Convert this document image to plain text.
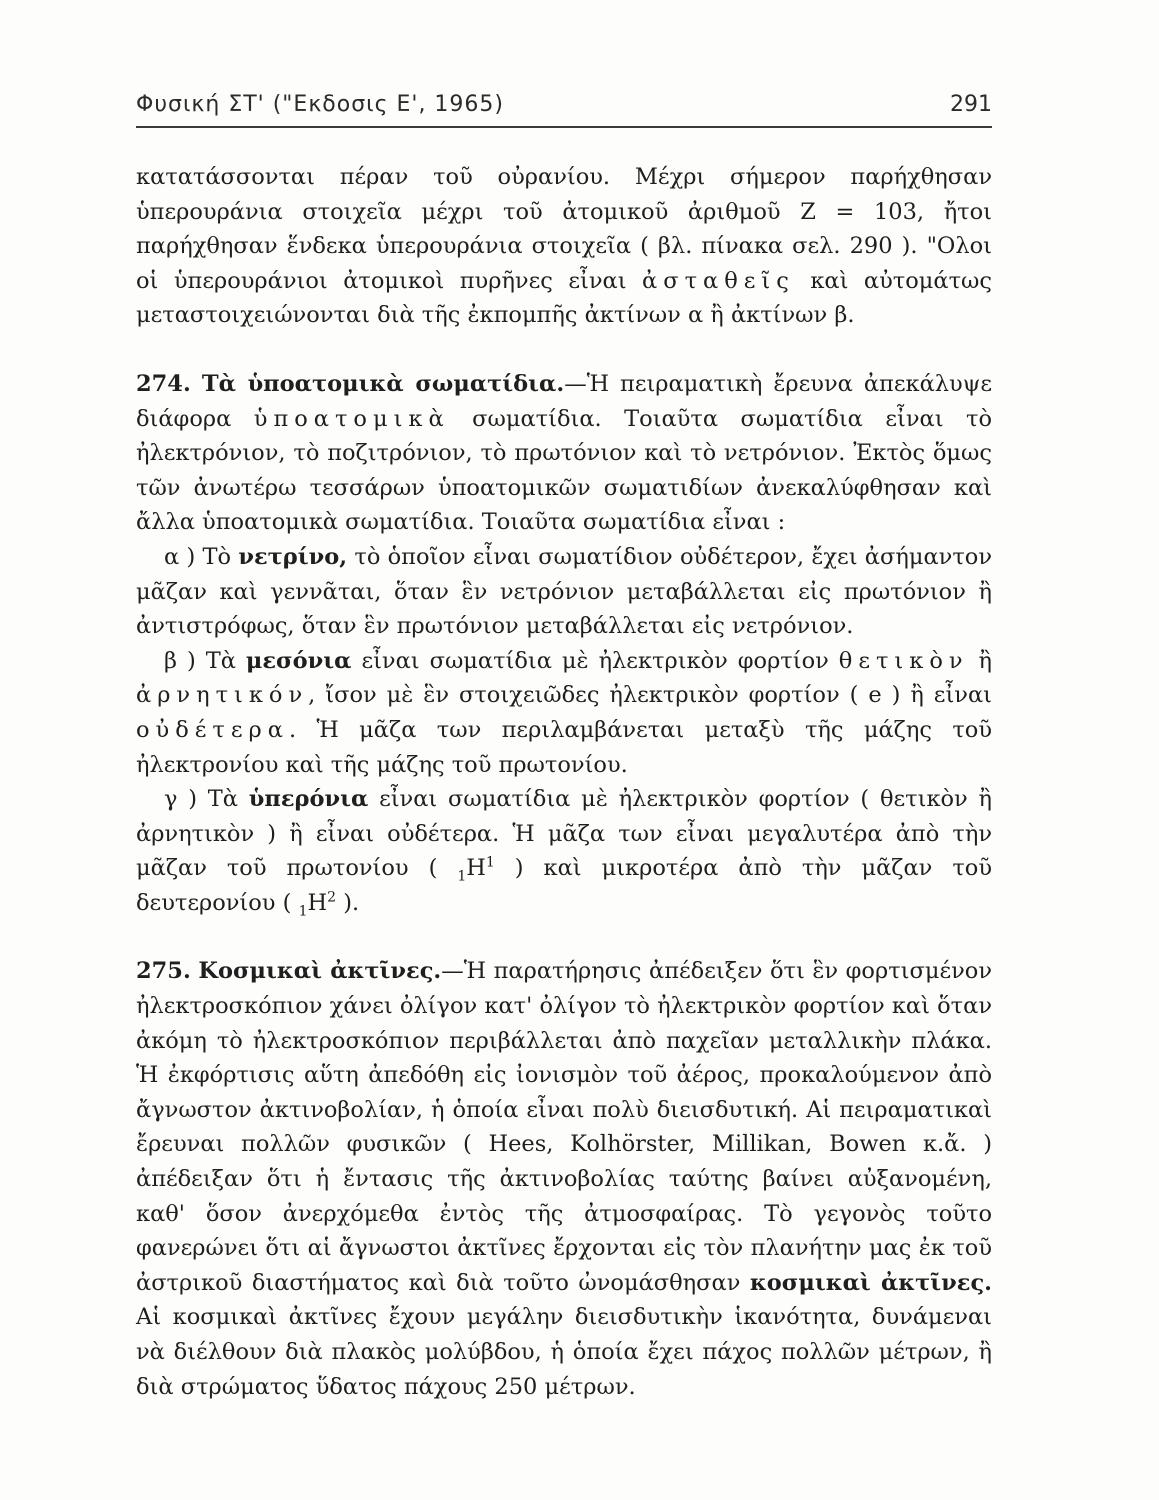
Φυσική ΣΤ' ("Εκδοσις Ε', 1965)	291

κατατάσσονται πέραν τοῦ οὐρανίου. Μέχρι σήμερον παρήχθησαν ὑπερουράνια στοιχεῖα μέχρι τοῦ ἀτομικοῦ ἀριθμοῦ Ζ = 103, ἤτοι παρήχθησαν ἕνδεκα ὑπερουράνια στοιχεῖα ( βλ. πίνακα σελ. 290 ). "Ολοι οἱ ὑπερουράνιοι ἀτομικοὶ πυρῆνες εἶναι ἀσταθεῖς καὶ αὐτομάτως μεταστοιχειώνονται διὰ τῆς ἐκπομπῆς ἀκτίνων α ἢ ἀκτίνων β.

274. Τὰ ὑποατομικὰ σωματίδια.—Ἡ πειραματικὴ ἔρευνα ἀπεκάλυψε διάφορα ὑποατομικὰ σωματίδια. Τοιαῦτα σωματίδια εἶναι τὸ ἠλεκτρόνιον, τὸ ποζιτρόνιον, τὸ πρωτόνιον καὶ τὸ νετρόνιον. Ἐκτὸς ὅμως τῶν ἀνωτέρω τεσσάρων ὑποατομικῶν σωματιδίων ἀνεκαλύφθησαν καὶ ἄλλα ὑποατομικὰ σωματίδια. Τοιαῦτα σωματίδια εἶναι :

α ) Τὸ νετρίνο, τὸ ὁποῖον εἶναι σωματίδιον οὐδέτερον, ἔχει ἀσήμαντον μᾶζαν καὶ γεννᾶται, ὅταν ἓν νετρόνιον μεταβάλλεται εἰς πρωτόνιον ἢ ἀντιστρόφως, ὅταν ἓν πρωτόνιον μεταβάλλεται εἰς νετρόνιον.

β ) Τὰ μεσόνια εἶναι σωματίδια μὲ ἠλεκτρικὸν φορτίον θετικὸν ἢ ἀρνητικόν, ἴσον μὲ ἓν στοιχειῶδες ἠλεκτρικὸν φορτίον ( e ) ἢ εἶναι οὐδέτερα. Ἡ μᾶζα των περιλαμβάνεται μεταξὺ τῆς μάζης τοῦ ἠλεκτρονίου καὶ τῆς μάζης τοῦ πρωτονίου.

γ ) Τὰ ὑπερόνια εἶναι σωματίδια μὲ ἠλεκτρικὸν φορτίον ( θετικὸν ἢ ἀρνητικὸν ) ἢ εἶναι οὐδέτερα. Ἡ μᾶζα των εἶναι μεγαλυτέρα ἀπὸ τὴν μᾶζαν τοῦ πρωτονίου ( $_1H^1$ ) καὶ μικροτέρα ἀπὸ τὴν μᾶζαν τοῦ δευτερονίου ( $_1H^2$ ).

275. Κοσμικαὶ ἀκτῖνες.—Ἡ παρατήρησις ἀπέδειξεν ὅτι ἓν φορτισμένον ἠλεκτροσκόπιον χάνει ὀλίγον κατ' ὀλίγον τὸ ἠλεκτρικὸν φορτίον καὶ ὅταν ἀκόμη τὸ ἠλεκτροσκόπιον περιβάλλεται ἀπὸ παχεῖαν μεταλλικὴν πλάκα. Ἡ ἐκφόρτισις αὕτη ἀπεδόθη εἰς ἰονισμὸν τοῦ ἀέρος, προκαλούμενον ἀπὸ ἄγνωστον ἀκτινοβολίαν, ἡ ὁποία εἶναι πολὺ διεισδυτική. Αἱ πειραματικαὶ ἔρευναι πολλῶν φυσικῶν ( Hees, Kolhörster, Millikan, Bowen κ.ἄ. ) ἀπέδειξαν ὅτι ἡ ἔντασις τῆς ἀκτινοβολίας ταύτης βαίνει αὐξανομένη, καθ' ὅσον ἀνερχόμεθα ἐντὸς τῆς ἀτμοσφαίρας. Τὸ γεγονὸς τοῦτο φανερώνει ὅτι αἱ ἄγνωστοι ἀκτῖνες ἔρχονται εἰς τὸν πλανήτην μας ἐκ τοῦ ἀστρικοῦ διαστήματος καὶ διὰ τοῦτο ὠνομάσθησαν κοσμικαὶ ἀκτῖνες. Αἱ κοσμικαὶ ἀκτῖνες ἔχουν μεγάλην διεισδυτικὴν ἱκανότητα, δυνάμεναι νὰ διέλθουν διὰ πλακὸς μολύβδου, ἡ ὁποία ἔχει πάχος πολλῶν μέτρων, ἢ διὰ στρώματος ὕδατος πάχους 250 μέτρων.
